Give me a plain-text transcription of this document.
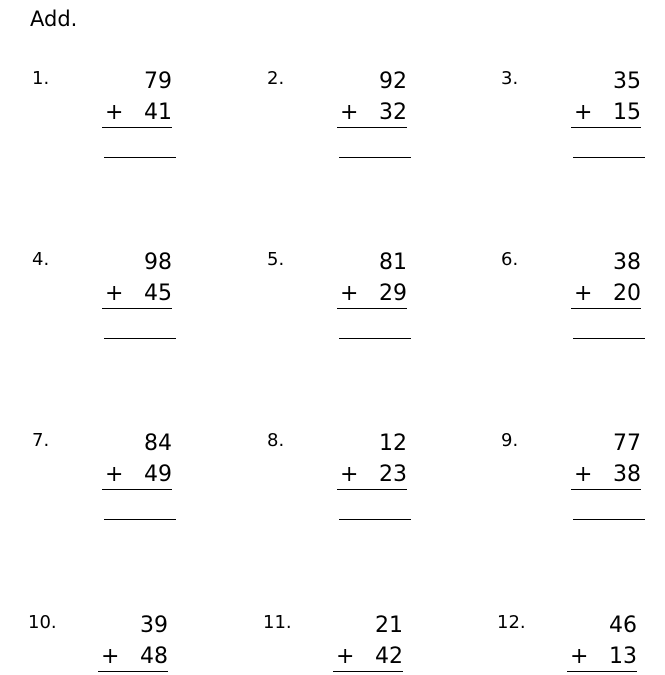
Add.
1.	79
+ 41
2.	92
+ 32
3.	35
+ 15
4.	98
+ 45
5.	81
+ 29
6.	38
+ 20
7.	84
+ 49
8.	12
+ 23
9.	77
+ 38
10.	39
+ 48
11.	21
+ 42
12.	46
+ 13
